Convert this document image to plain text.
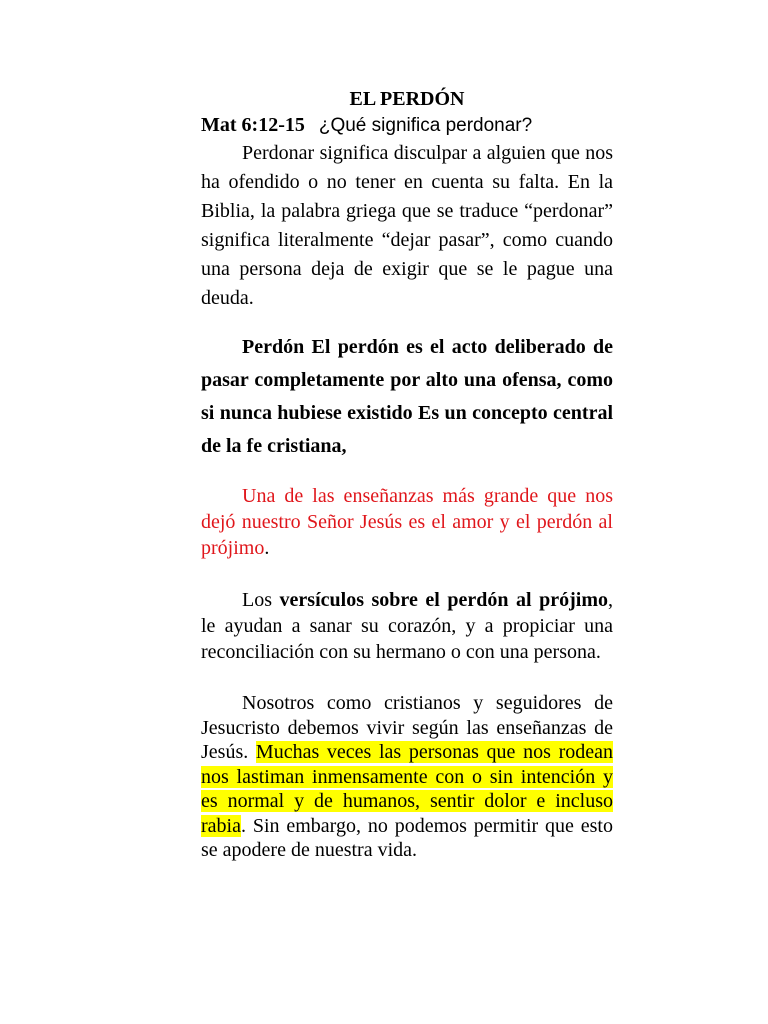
EL PERDÓN

Mat 6:12-15 ¿Qué significa perdonar?

Perdonar significa disculpar a alguien que nos ha ofendido o no tener en cuenta su falta. En la Biblia, la palabra griega que se traduce “perdonar” significa literalmente “dejar pasar”, como cuando una persona deja de exigir que se le pague una deuda.

Perdón El perdón es el acto deliberado de pasar completamente por alto una ofensa, como si nunca hubiese existido Es un concepto central de la fe cristiana,

Una de las enseñanzas más grande que nos dejó nuestro Señor Jesús es el amor y el perdón al prójimo.

Los versículos sobre el perdón al prójimo, le ayudan a sanar su corazón, y a propiciar una reconciliación con su hermano o con una persona.

Nosotros como cristianos y seguidores de Jesucristo debemos vivir según las enseñanzas de Jesús. Muchas veces las personas que nos rodean nos lastiman inmensamente con o sin intención y es normal y de humanos, sentir dolor e incluso rabia. Sin embargo, no podemos permitir que esto se apodere de nuestra vida.
